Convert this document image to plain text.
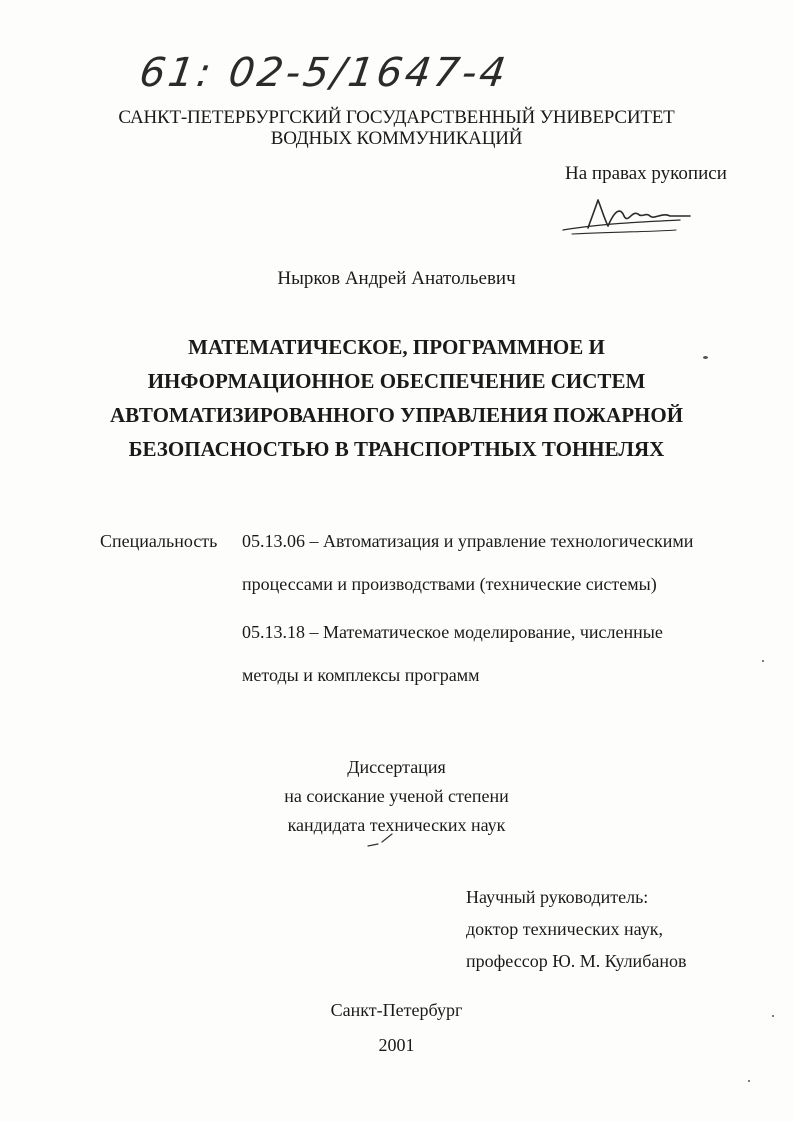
61: 02-5/1647-4
САНКТ-ПЕТЕРБУРГСКИЙ ГОСУДАРСТВЕННЫЙ УНИВЕРСИТЕТ
ВОДНЫХ КОММУНИКАЦИЙ
На правах рукописи
Нырков Андрей Анатольевич
МАТЕМАТИЧЕСКОЕ, ПРОГРАММНОЕ И
ИНФОРМАЦИОННОЕ ОБЕСПЕЧЕНИЕ СИСТЕМ
АВТОМАТИЗИРОВАННОГО УПРАВЛЕНИЯ ПОЖАРНОЙ
БЕЗОПАСНОСТЬЮ В ТРАНСПОРТНЫХ ТОННЕЛЯХ
Специальность 05.13.06 – Автоматизация и управление технологическими
процессами и производствами (технические системы)
05.13.18 – Математическое моделирование, численные
методы и комплексы программ
Диссертация
на соискание ученой степени
кандидата технических наук
Научный руководитель:
доктор технических наук,
профессор Ю. М. Кулибанов
Санкт-Петербург
2001
